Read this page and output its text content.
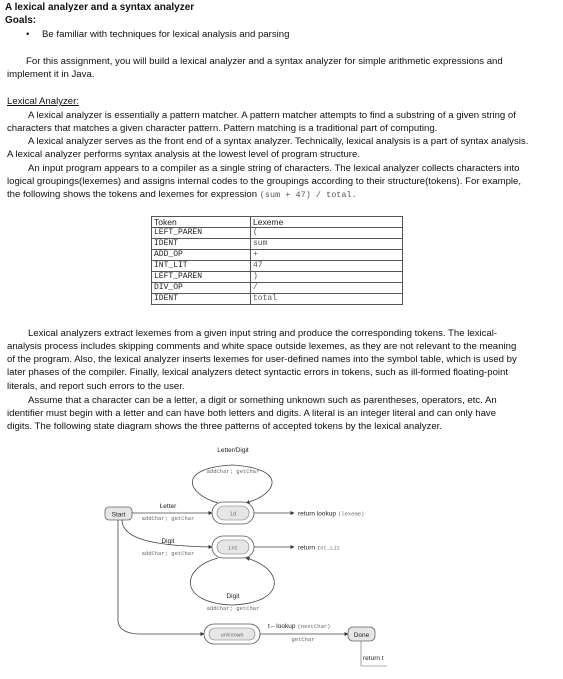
A lexical analyzer and a syntax analyzer
Goals:
• Be familiar with techniques for lexical analysis and parsing
For this assignment, you will build a lexical analyzer and a syntax analyzer for simple arithmetic expressions and
implement it in Java.
Lexical Analyzer:
A lexical analyzer is essentially a pattern matcher. A pattern matcher attempts to find a substring of a given string of
characters that matches a given character pattern. Pattern matching is a traditional part of computing.
A lexical analyzer serves as the front end of a syntax analyzer. Technically, lexical analysis is a part of syntax analysis.
A lexical analyzer performs syntax analysis at the lowest level of program structure.
An input program appears to a compiler as a single string of characters. The lexical analyzer collects characters into
logical groupings(lexemes) and assigns internal codes to the groupings according to their structure(tokens). For example,
the following shows the tokens and lexemes for expression (sum + 47) / total.
Token	Lexeme
LEFT_PAREN	(
IDENT	sum
ADD_OP	+
INT_LIT	47
LEFT_PAREN	)
DIV_OP	/
IDENT	total
Lexical analyzers extract lexemes from a given input string and produce the corresponding tokens. The lexical-
analysis process includes skipping comments and white space outside lexemes, as they are not relevant to the meaning
of the program. Also, the lexical analyzer inserts lexemes for user-defined names into the symbol table, which is used by
later phases of the compiler. Finally, lexical analyzers detect syntactic errors in tokens, such as ill-formed floating-point
literals, and report such errors to the user.
Assume that a character can be a letter, a digit or something unknown such as parentheses, operators, etc. An
identifier must begin with a letter and can have both letters and digits. A literal is an integer literal and can only have
digits. The following state diagram shows the three patterns of accepted tokens by the lexical analyzer.
Letter/Digit
addChar; getChar
Start
Letter
addChar; getChar
id	return lookup (lexeme)
Digit
addChar; getChar
int	return Int_Lit
Digit
addChar; getChar
unknown
t←lookup (nextChar)
getChar
Done
return t
